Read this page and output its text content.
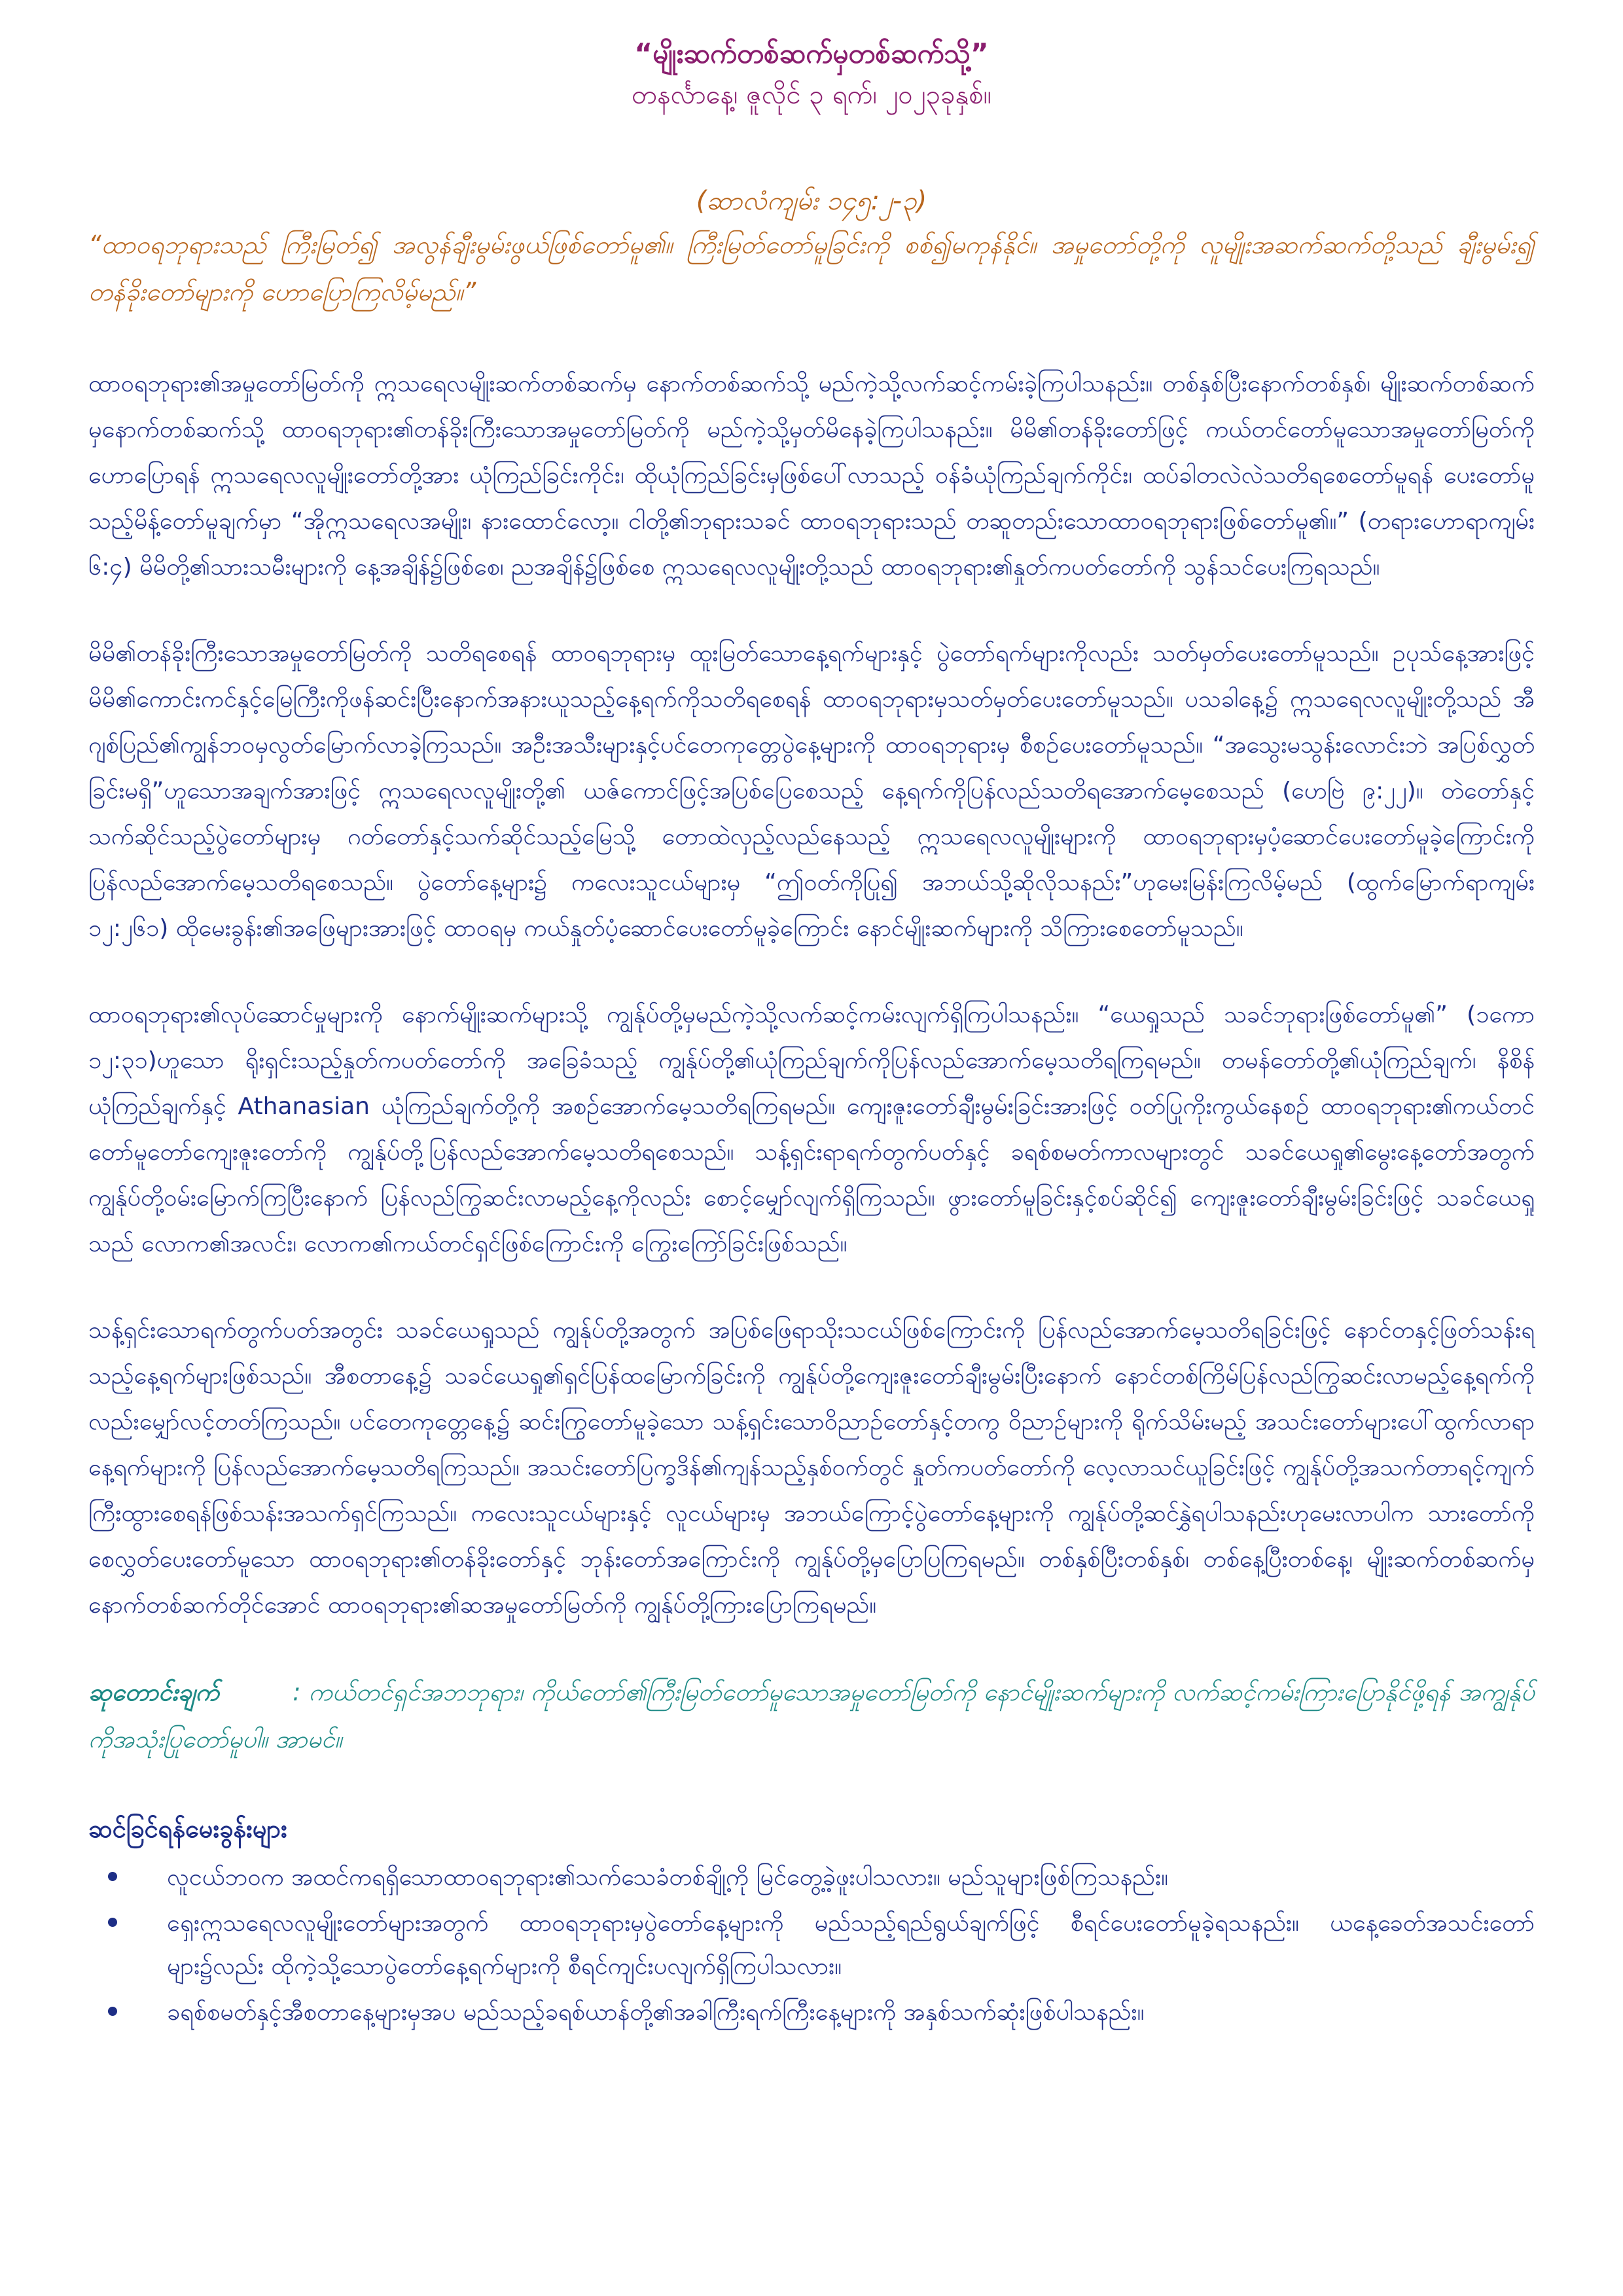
“မျိုးဆက်တစ်ဆက်မှတစ်ဆက်သို့”

တနင်္လာနေ့၊ ဇူလိုင် ၃ ရက်၊ ၂၀၂၃ခုနှစ်။

(ဆာလံကျမ်း ၁၄၅:၂-၃)

“ထာဝရဘုရားသည် ကြီးမြတ်၍ အလွန်ချီးမွမ်းဖွယ်ဖြစ်တော်မူ၏။ ကြီးမြတ်တော်မူခြင်းကို စစ်၍မကုန်နိုင်။ အမှုတော်တို့ကို လူမျိုးအဆက်ဆက်တို့သည် ချီးမွမ်း၍ တန်ခိုးတော်များကို ဟောပြောကြလိမ့်မည်။”

ထာဝရဘုရား၏အမှုတော်မြတ်ကို ဣသရေလမျိုးဆက်တစ်ဆက်မှ နောက်တစ်ဆက်သို့ မည်ကဲ့သို့လက်ဆင့်ကမ်းခဲ့ကြပါသနည်း။ တစ်နှစ်ပြီးနောက်တစ်နှစ်၊ မျိုးဆက်တစ်ဆက်မှနောက်တစ်ဆက်သို့ ထာဝရဘုရား၏တန်ခိုးကြီးသောအမှုတော်မြတ်ကို မည်ကဲ့သို့မှတ်မိနေခဲ့ကြပါသနည်း။ မိမိ၏တန်ခိုးတော်ဖြင့် ကယ်တင်တော်မူသောအမှုတော်မြတ်ကို ဟောပြောရန် ဣသရေလလူမျိုးတော်တို့အား ယုံကြည်ခြင်းကိုင်း၊ ထိုယုံကြည်ခြင်းမှဖြစ်ပေါ်လာသည့် ဝန်ခံယုံကြည်ချက်ကိုင်း၊ ထပ်ခါတလဲလဲသတိရစေတော်မူရန် ပေးတော်မူသည့်မိန့်တော်မူချက်မှာ “အိုဣသရေလအမျိုး၊ နားထောင်လော့။ ငါတို့၏ဘုရားသခင် ထာဝရဘုရားသည် တဆူတည်းသောထာဝရဘုရားဖြစ်တော်မူ၏။” (တရားဟောရာကျမ်း ၆:၄) မိမိတို့၏သားသမီးများကို နေ့အချိန်၌ဖြစ်စေ၊ ညအချိန်၌ဖြစ်စေ ဣသရေလလူမျိုးတို့သည် ထာဝရဘုရား၏နှုတ်ကပတ်တော်ကို သွန်သင်ပေးကြရသည်။

မိမိ၏တန်ခိုးကြီးသောအမှုတော်မြတ်ကို သတိရစေရန် ထာဝရဘုရားမှ ထူးမြတ်သောနေ့ရက်များနှင့် ပွဲတော်ရက်များကိုလည်း သတ်မှတ်ပေးတော်မူသည်။ ဥပုသ်နေ့အားဖြင့် မိမိ၏ကောင်းကင်နှင့်မြေကြီးကိုဖန်ဆင်းပြီးနောက်အနားယူသည့်နေ့ရက်ကိုသတိရစေရန် ထာဝရဘုရားမှသတ်မှတ်ပေးတော်မူသည်။ ပသခါနေ့၌ ဣသရေလလူမျိုးတို့သည် အီဂျစ်ပြည်၏ကျွန်ဘဝမှလွတ်မြောက်လာခဲ့ကြသည်။ အဦးအသီးများနှင့်ပင်တေကုတ္တေပွဲနေ့များကို ထာဝရဘုရားမှ စီစဉ်ပေးတော်မူသည်။ “အသွေးမသွန်းလောင်းဘဲ အပြစ်လွှတ်ခြင်းမရှိ”ဟူသောအချက်အားဖြင့် ဣသရေလလူမျိုးတို့၏ ယဇ်ကောင်ဖြင့်အပြစ်ပြေစေသည့် နေ့ရက်ကိုပြန်လည်သတိရအောက်မေ့စေသည် (ဟေဗြဲ ၉:၂၂)။ တဲတော်နှင့်သက်ဆိုင်သည့်ပွဲတော်များမှ ဂတ်တော်နှင့်သက်ဆိုင်သည့်မြေသို့ တောထဲလှည့်လည်နေသည့် ဣသရေလလူမျိုးများကို ထာဝရဘုရားမှပံ့ဆောင်ပေးတော်မူခဲ့ကြောင်းကို ပြန်လည်အောက်မေ့သတိရစေသည်။ ပွဲတော်နေ့များ၌ ကလေးသူငယ်များမှ “ဤဝတ်ကိုပြု၍ အဘယ်သို့ဆိုလိုသနည်း”ဟုမေးမြန်းကြလိမ့်မည် (ထွက်မြောက်ရာကျမ်း ၁၂:၂၆၁) ထိုမေးခွန်း၏အဖြေများအားဖြင့် ထာဝရမှ ကယ်နှုတ်ပံ့ဆောင်ပေးတော်မူခဲ့ကြောင်း နောင်မျိုးဆက်များကို သိကြားစေတော်မူသည်။

ထာဝရဘုရား၏လုပ်ဆောင်မှုများကို နောက်မျိုးဆက်များသို့ ကျွန်ုပ်တို့မှမည်ကဲ့သို့လက်ဆင့်ကမ်းလျက်ရှိကြပါသနည်း။ “ယေရှုသည် သခင်ဘုရားဖြစ်တော်မူ၏” (၁ကော ၁၂:၃၁)ဟူသော ရိုးရှင်းသည့်နှုတ်ကပတ်တော်ကို အခြေခံသည့် ကျွန်ုပ်တို့၏ယုံကြည်ချက်ကိုပြန်လည်အောက်မေ့သတိရကြရမည်။ တမန်တော်တို့၏ယုံကြည်ချက်၊ နိစိန်ယုံကြည်ချက်နှင့် Athanasian ယုံကြည်ချက်တို့ကို အစဉ်အောက်မေ့သတိရကြရမည်။ ကျေးဇူးတော်ချီးမွမ်းခြင်းအားဖြင့် ဝတ်ပြုကိုးကွယ်နေစဉ် ထာဝရဘုရား၏ကယ်တင်တော်မူတော်ကျေးဇူးတော်ကို ကျွန်ုပ်တို့ပြန်လည်အောက်မေ့သတိရစေသည်။ သန့်ရှင်းရာရက်တွက်ပတ်နှင့် ခရစ်စမတ်ကာလများတွင် သခင်ယေရှု၏မွေးနေ့တော်အတွက် ကျွန်ုပ်တို့ဝမ်းမြောက်ကြပြီးနောက် ပြန်လည်ကြွဆင်းလာမည့်နေ့ကိုလည်း စောင့်မျှော်လျက်ရှိကြသည်။ ဖွားတော်မူခြင်းနှင့်စပ်ဆိုင်၍ ကျေးဇူးတော်ချီးမွမ်းခြင်းဖြင့် သခင်ယေရှုသည် လောက၏အလင်း၊ လောက၏ကယ်တင်ရှင်ဖြစ်ကြောင်းကို ကြွေးကြော်ခြင်းဖြစ်သည်။

သန့်ရှင်းသောရက်တွက်ပတ်အတွင်း သခင်ယေရှုသည် ကျွန်ုပ်တို့အတွက် အပြစ်ဖြေရာသိုးသငယ်ဖြစ်ကြောင်းကို ပြန်လည်အောက်မေ့သတိရခြင်းဖြင့် နောင်တနှင့်ဖြတ်သန်းရသည့်နေ့ရက်များဖြစ်သည်။ အီစတာနေ့၌ သခင်ယေရှု၏ရှင်ပြန်ထမြောက်ခြင်းကို ကျွန်ုပ်တို့ကျေးဇူးတော်ချီးမွမ်းပြီးနောက် နောင်တစ်ကြိမ်ပြန်လည်ကြွဆင်းလာမည့်နေ့ရက်ကိုလည်းမျှော်လင့်တတ်ကြသည်။ ပင်တေကုတ္တေနေ့၌ ဆင်းကြွတော်မူခဲ့သော သန့်ရှင်းသောဝိညာဉ်တော်နှင့်တကွ ဝိညာဉ်များကို ရိုက်သိမ်းမည့် အသင်းတော်များပေါ်ထွက်လာရာနေ့ရက်များကို ပြန်လည်အောက်မေ့သတိရကြသည်။ အသင်းတော်ပြက္ခဒိန်၏ကျန်သည့်နှစ်ဝက်တွင် နှုတ်ကပတ်တော်ကို လေ့လာသင်ယူခြင်းဖြင့် ကျွန်ုပ်တို့အသက်တာရင့်ကျက်ကြီးထွားစေရန်ဖြစ်သန်းအသက်ရှင်ကြသည်။ ကလေးသူငယ်များနှင့် လူငယ်များမှ အဘယ်ကြောင့်ပွဲတော်နေ့များကို ကျွန်ုပ်တို့ဆင်နွှဲရပါသနည်းဟုမေးလာပါက သားတော်ကိုစေလွှတ်ပေးတော်မူသော ထာဝရဘုရား၏တန်ခိုးတော်နှင့် ဘုန်းတော်အကြောင်းကို ကျွန်ုပ်တို့မှပြောပြကြရမည်။ တစ်နှစ်ပြီးတစ်နှစ်၊ တစ်နေ့ပြီးတစ်နေ့၊ မျိုးဆက်တစ်ဆက်မှ နောက်တစ်ဆက်တိုင်အောင် ထာဝရဘုရား၏ဆအမှုတော်မြတ်ကို ကျွန်ုပ်တို့ကြားပြောကြရမည်။

ဆုတောင်းချက်	: ကယ်တင်ရှင်အဘဘုရား၊ ကိုယ်တော်၏ကြီးမြတ်တော်မူသောအမှုတော်မြတ်ကို နောင်မျိုးဆက်များကို လက်ဆင့်ကမ်းကြားပြောနိုင်ဖို့ရန် အကျွန်ုပ်ကိုအသုံးပြုတော်မူပါ။ အာမင်။

ဆင်ခြင်ရန်မေးခွန်းများ
လူငယ်ဘဝက အထင်ကရရှိသောထာဝရဘုရား၏သက်သေခံတစ်ချို့ကို မြင်တွေ့ခဲ့ဖူးပါသလား။ မည်သူများဖြစ်ကြသနည်း။
ရှေးဣသရေလလူမျိုးတော်များအတွက် ထာဝရဘုရားမှပွဲတော်နေ့များကို မည်သည့်ရည်ရွယ်ချက်ဖြင့် စီရင်ပေးတော်မူခဲ့ရသနည်း။ ယနေ့ခေတ်အသင်းတော်များ၌လည်း ထိုကဲ့သို့သောပွဲတော်နေ့ရက်များကို စီရင်ကျင်းပလျက်ရှိကြပါသလား။
ခရစ်စမတ်နှင့်အီစတာနေ့များမှအပ မည်သည့်ခရစ်ယာန်တို့၏အခါကြီးရက်ကြီးနေ့များကို အနှစ်သက်ဆုံးဖြစ်ပါသနည်း။
